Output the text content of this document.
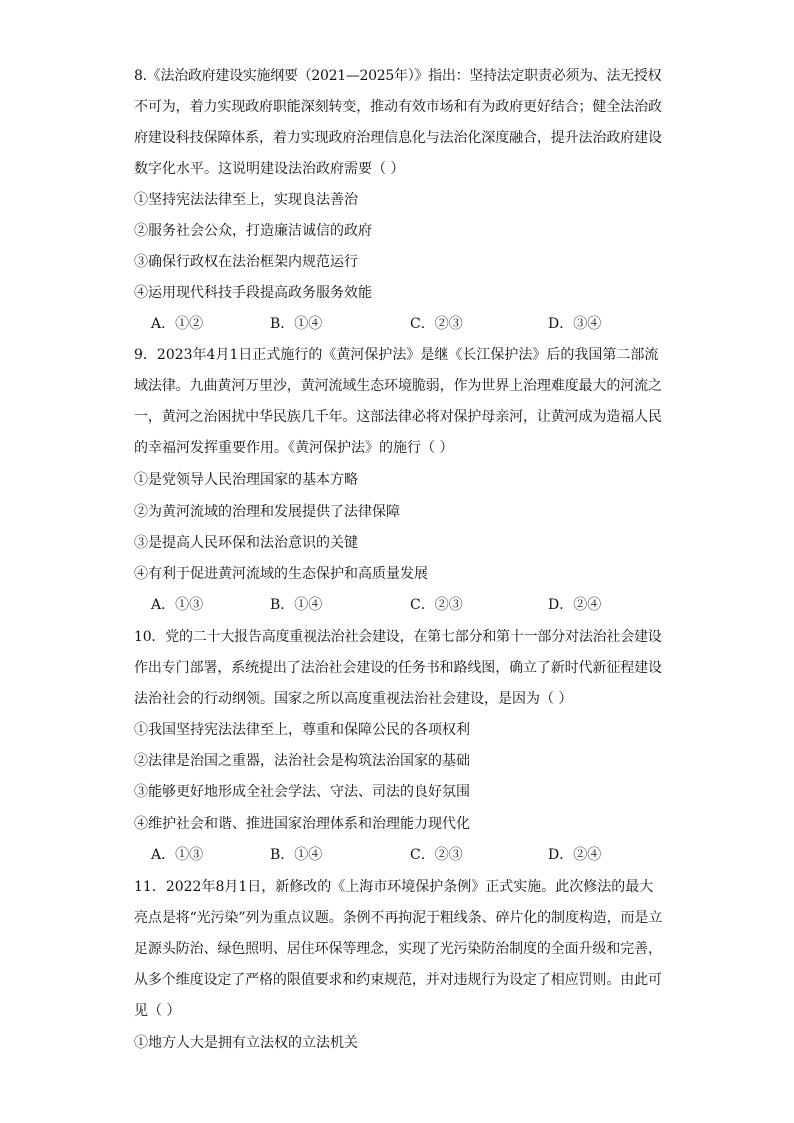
8.《法治政府建设实施纲要（2021—2025年）》指出：坚持法定职责必须为、法无授权
不可为，着力实现政府职能深刻转变，推动有效市场和有为政府更好结合；健全法治政
府建设科技保障体系，着力实现政府治理信息化与法治化深度融合，提升法治政府建设
数字化水平。这说明建设法治政府需要（ ）
①坚持宪法法律至上，实现良法善治
②服务社会公众，打造廉洁诚信的政府
③确保行政权在法治框架内规范运行
④运用现代科技手段提高政务服务效能
A．①②	B．①④	C．②③	D．③④
9．2023年4月1日正式施行的《黄河保护法》是继《长江保护法》后的我国第二部流
域法律。九曲黄河万里沙，黄河流域生态环境脆弱，作为世界上治理难度最大的河流之
一，黄河之治困扰中华民族几千年。这部法律必将对保护母亲河，让黄河成为造福人民
的幸福河发挥重要作用。《黄河保护法》的施行（ ）
①是党领导人民治理国家的基本方略
②为黄河流域的治理和发展提供了法律保障
③是提高人民环保和法治意识的关键
④有利于促进黄河流域的生态保护和高质量发展
A．①③	B．①④	C．②③	D．②④
10．党的二十大报告高度重视法治社会建设，在第七部分和第十一部分对法治社会建设
作出专门部署，系统提出了法治社会建设的任务书和路线图，确立了新时代新征程建设
法治社会的行动纲领。国家之所以高度重视法治社会建设，是因为（ ）
①我国坚持宪法法律至上，尊重和保障公民的各项权利
②法律是治国之重器，法治社会是构筑法治国家的基础
③能够更好地形成全社会学法、守法、司法的良好氛围
④维护社会和谐、推进国家治理体系和治理能力现代化
A．①③	B．①④	C．②③	D．②④
11．2022年8月1日，新修改的《上海市环境保护条例》正式实施。此次修法的最大
亮点是将“光污染”列为重点议题。条例不再拘泥于粗线条、碎片化的制度构造，而是立
足源头防治、绿色照明、居住环保等理念，实现了光污染防治制度的全面升级和完善，
从多个维度设定了严格的限值要求和约束规范，并对违规行为设定了相应罚则。由此可
见（ ）
①地方人大是拥有立法权的立法机关
